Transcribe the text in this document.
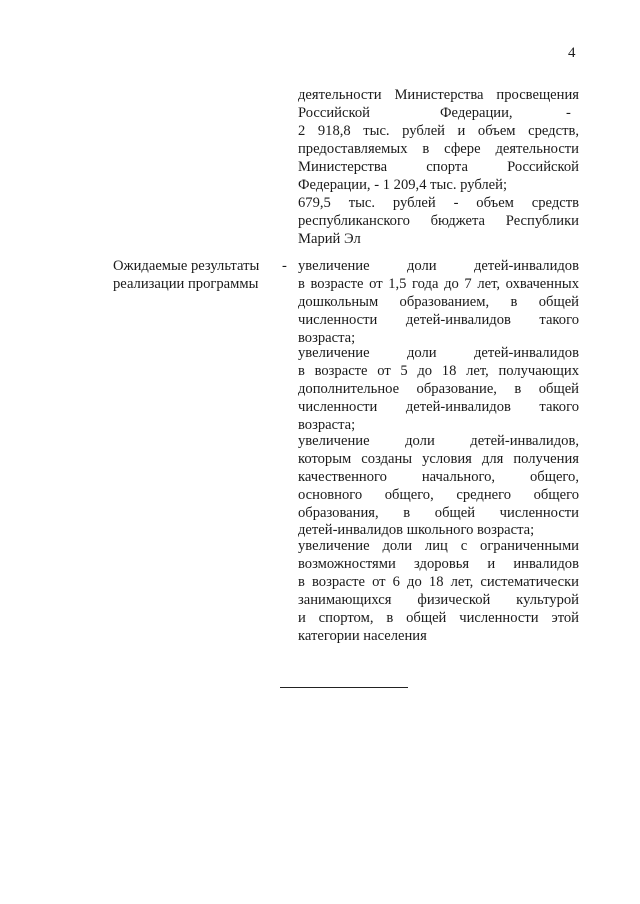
4
деятельности Министерства просвещения
Российской	Федерации,	-
2 918,8 тыс. рублей и объем средств,
предоставляемых в сфере деятельности
Министерства спорта Российской
Федерации, - 1 209,4 тыс. рублей;
679,5 тыс. рублей - объем средств
республиканского бюджета Республики
Марий Эл
Ожидаемые результаты
реализации программы
- увеличение доли детей-инвалидов
в возрасте от 1,5 года до 7 лет, охваченных
дошкольным образованием, в общей
численности детей-инвалидов такого
возраста;
увеличение доли детей-инвалидов
в возрасте от 5 до 18 лет, получающих
дополнительное образование, в общей
численности детей-инвалидов такого
возраста;
увеличение доли детей-инвалидов,
которым созданы условия для получения
качественного начального, общего,
основного общего, среднего общего
образования, в общей численности
детей-инвалидов школьного возраста;
увеличение доли лиц с ограниченными
возможностями здоровья и инвалидов
в возрасте от 6 до 18 лет, систематически
занимающихся физической культурой
и спортом, в общей численности этой
категории населения
